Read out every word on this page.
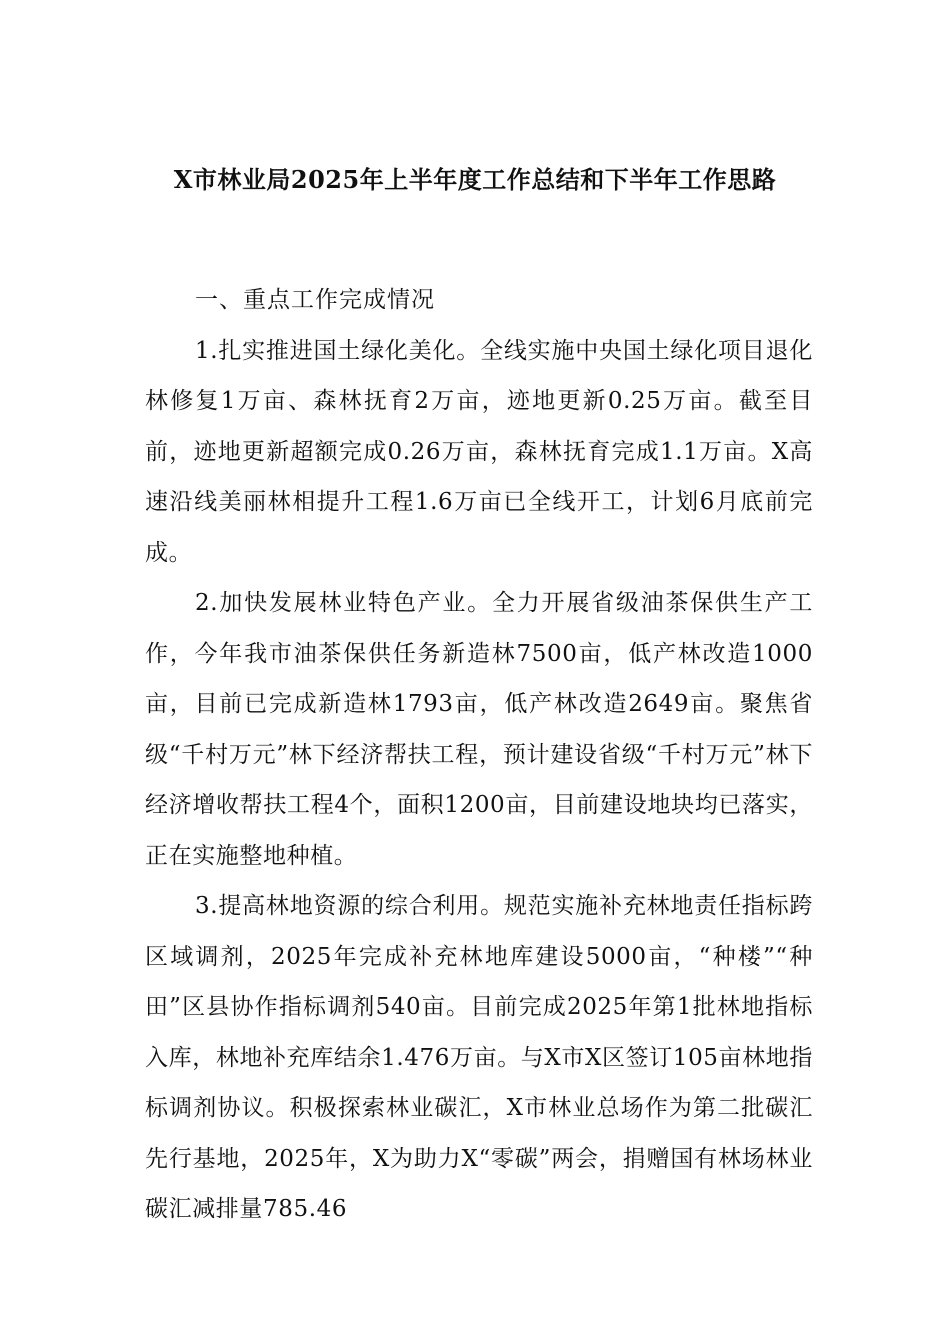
X市林业局2025年上半年度工作总结和下半年工作思路

一、重点工作完成情况

1.扎实推进国土绿化美化。全线实施中央国土绿化项目退化林修复1万亩、森林抚育2万亩，迹地更新0.25万亩。截至目前，迹地更新超额完成0.26万亩，森林抚育完成1.1万亩。X高速沿线美丽林相提升工程1.6万亩已全线开工，计划6月底前完成。

2.加快发展林业特色产业。全力开展省级油茶保供生产工作，今年我市油茶保供任务新造林7500亩，低产林改造1000亩，目前已完成新造林1793亩，低产林改造2649亩。聚焦省级“千村万元”林下经济帮扶工程，预计建设省级“千村万元”林下经济增收帮扶工程4个，面积1200亩，目前建设地块均已落实，正在实施整地种植。

3.提高林地资源的综合利用。规范实施补充林地责任指标跨区域调剂，2025年完成补充林地库建设5000亩，“种楼”“种田”区县协作指标调剂540亩。目前完成2025年第1批林地指标入库，林地补充库结余1.476万亩。与X市X区签订105亩林地指标调剂协议。积极探索林业碳汇，X市林业总场作为第二批碳汇先行基地，2025年，X为助力X“零碳”两会，捐赠国有林场林业碳汇减排量785.46
